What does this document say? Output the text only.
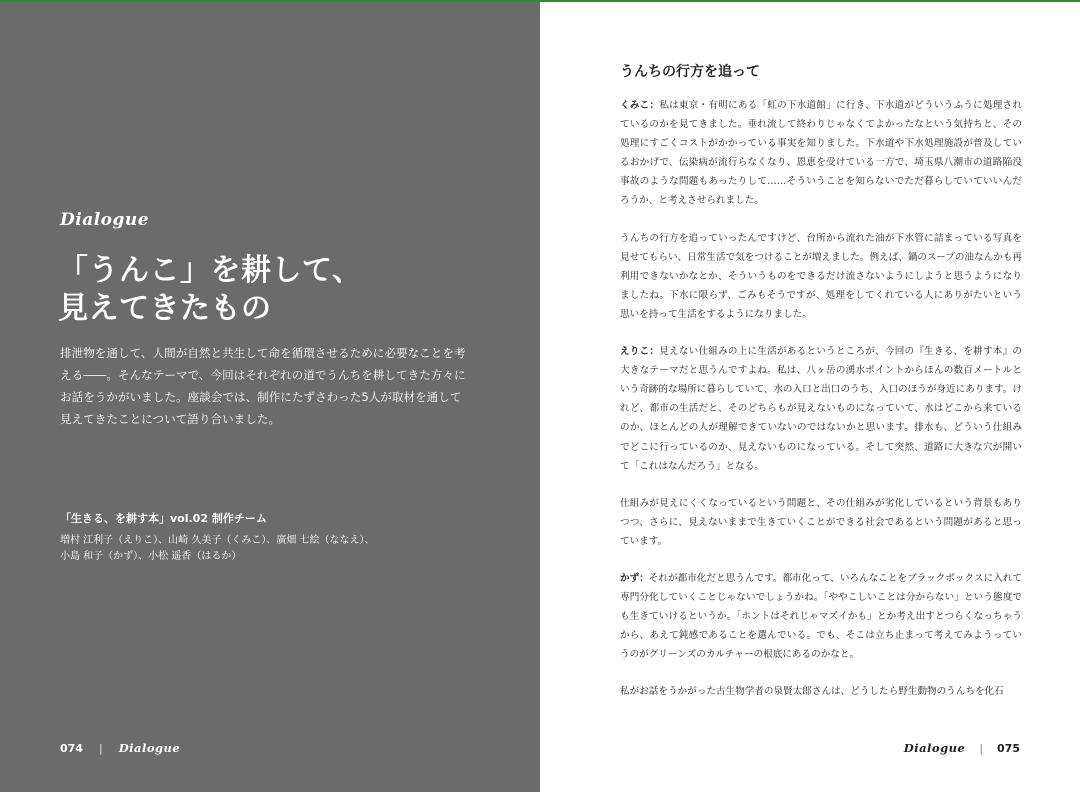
Dialogue
「うんこ」を耕して、
見えてきたもの

排泄物を通して、人間が自然と共生して命を循環させるために必要なことを考える――。そんなテーマで、今回はそれぞれの道でうんちを耕してきた方々にお話をうかがいました。座談会では、制作にたずさわった5人が取材を通して見えてきたことについて語り合いました。

「生きる、を耕す本」vol.02 制作チーム

増村 江利子（えりこ）、山崎 久美子（くみこ）、廣畑 七絵（ななえ）、
小島 和子（かず）、小松 遥香（はるか）

074 | Dialogue
うんちの行方を追って

くみこ：私は東京・有明にある「虹の下水道館」に行き、下水道がどういうふうに処理されているのかを見てきました。垂れ流して終わりじゃなくてよかったなという気持ちと、その処理にすごくコストがかかっている事実を知りました。下水道や下水処理施設が普及しているおかげで、伝染病が流行らなくなり、恩恵を受けている一方で、埼玉県八潮市の道路陥没事故のような問題もあったりして……そういうことを知らないでただ暮らしていていいんだろうか、と考えさせられました。

うんちの行方を追っていったんですけど、台所から流れた油が下水管に詰まっている写真を見せてもらい、日常生活で気をつけることが増えました。例えば、鍋のスープの油なんかも再利用できないかなとか、そういうものをできるだけ流さないようにしようと思うようになりましたね。下水に限らず、ごみもそうですが、処理をしてくれている人にありがたいという思いを持って生活をするようになりました。

えりこ：見えない仕組みの上に生活があるというところが、今回の『生きる、を耕す本』の大きなテーマだと思うんですよね。私は、八ヶ岳の湧水ポイントからほんの数百メートルという奇跡的な場所に暮らしていて、水の入口と出口のうち、入口のほうが身近にあります。けれど、都市の生活だと、そのどちらもが見えないものになっていて、水はどこから来ているのか、ほとんどの人が理解できていないのではないかと思います。排水も、どういう仕組みでどこに行っているのか、見えないものになっている。そして突然、道路に大きな穴が開いて「これはなんだろう」となる。

仕組みが見えにくくなっているという問題と、その仕組みが劣化しているという背景もありつつ、さらに、見えないままで生きていくことができる社会であるという問題があると思っています。

かず：それが都市化だと思うんです。都市化って、いろんなことをブラックボックスに入れて専門分化していくことじゃないでしょうかね。「ややこしいことは分からない」という態度でも生きていけるというか。「ホントはそれじゃマズイかも」とか考え出すとつらくなっちゃうから、あえて鈍感であることを選んでいる。でも、そこは立ち止まって考えてみようっていうのがグリーンズのカルチャーの根底にあるのかなと。

私がお話をうかがった古生物学者の泉賢太郎さんは、どうしたら野生動物のうんちを化石

Dialogue | 075
